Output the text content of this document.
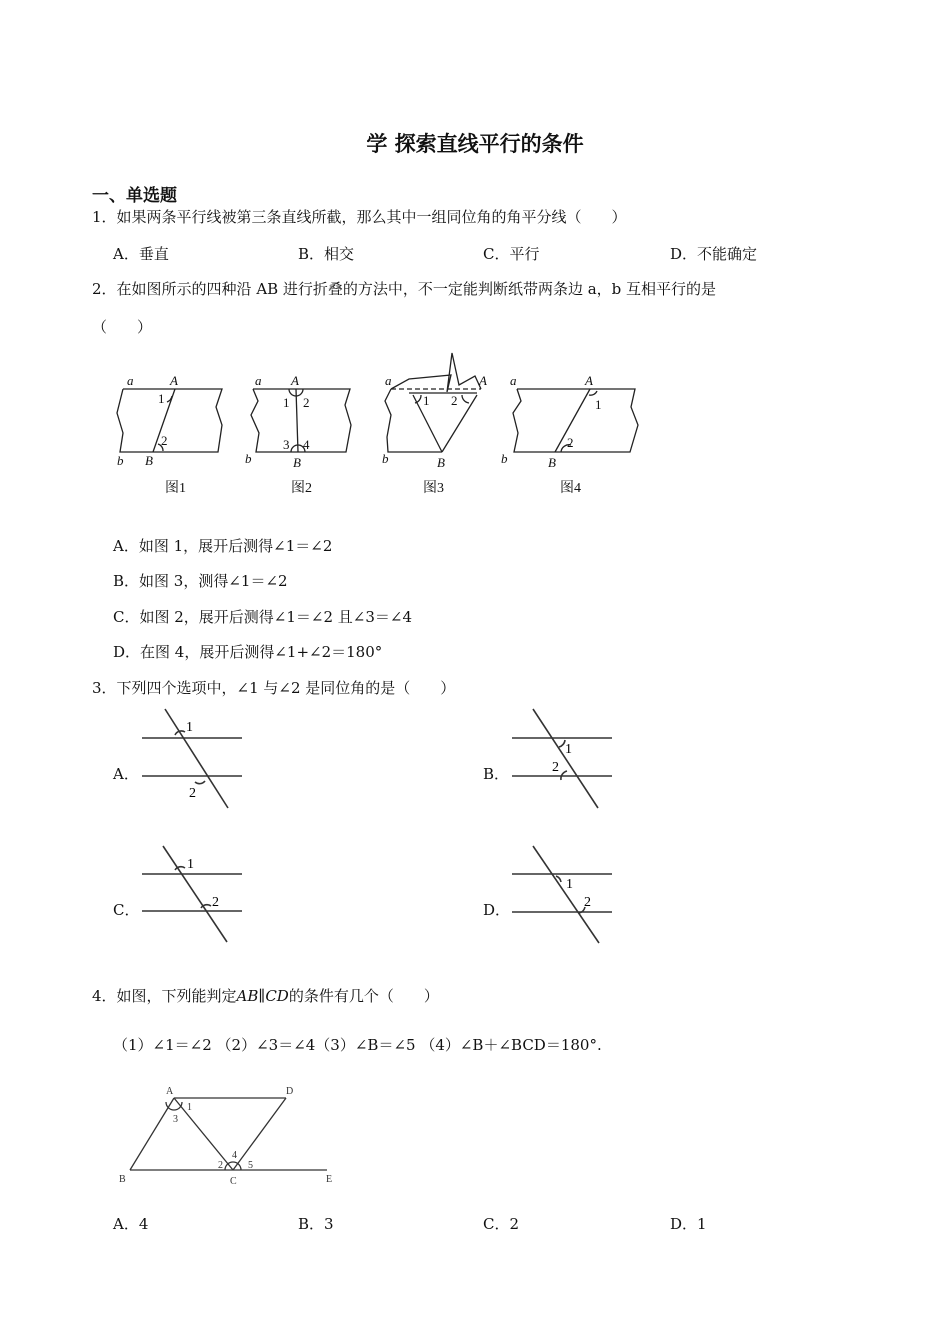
学 探索直线平行的条件
一、单选题
1．如果两条平行线被第三条直线所截，那么其中一组同位角的角平分线（　　）
A．垂直	B．相交	C．平行	D．不能确定
2．在如图所示的四种沿 AB 进行折叠的方法中，不一定能判断纸带两条边 a，b 互相平行的是
（　　）
a	A
1
2
b B
a A
1 2
3 4
b	B
a	A
1 2
b	B
a	A
1
2
b	B
图1	图2	图3	图4
A．如图 1，展开后测得∠1＝∠2
B．如图 3，测得∠1＝∠2
C．如图 2，展开后测得∠1＝∠2 且∠3＝∠4
D．在图 4，展开后测得∠1+∠2＝180°
3．下列四个选项中，∠1 与∠2 是同位角的是（　　）
A．
1
2
B．
1
2
C．
1
2	D．
1
2
4．如图，下列能判定AB∥CD的条件有几个（　　）
（1）∠1＝∠2 （2）∠3＝∠4（3）∠B＝∠5 （4）∠B＋∠BCD＝180°.
A	D
B	C	E
1
3
2
4
5
A．4	B．3	C．2	D．1
